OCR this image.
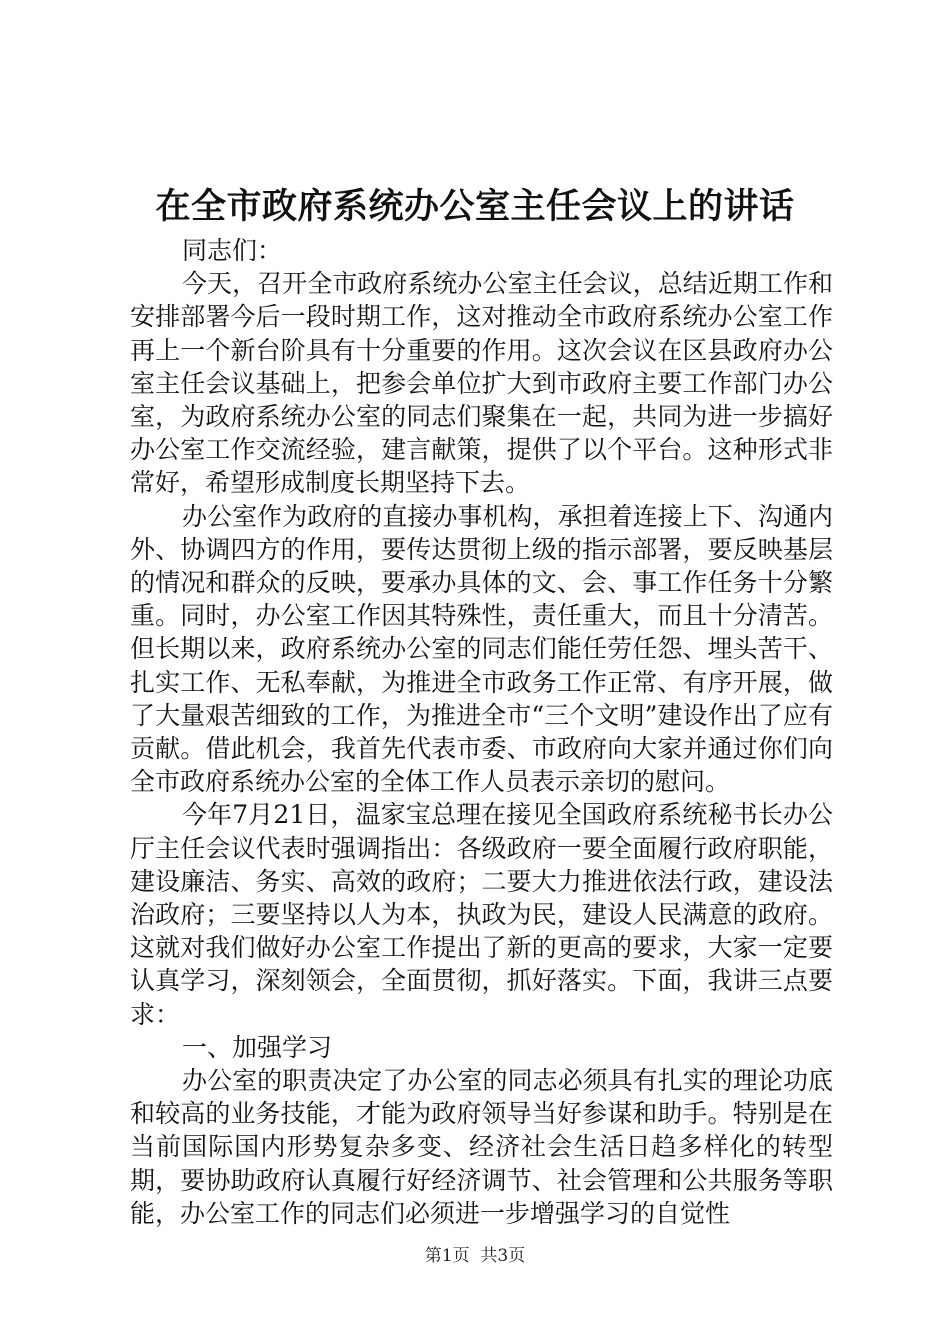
在全市政府系统办公室主任会议上的讲话

同志们：

今天，召开全市政府系统办公室主任会议，总结近期工作和安排部署今后一段时期工作，这对推动全市政府系统办公室工作再上一个新台阶具有十分重要的作用。这次会议在区县政府办公室主任会议基础上，把参会单位扩大到市政府主要工作部门办公室，为政府系统办公室的同志们聚集在一起，共同为进一步搞好办公室工作交流经验，建言献策，提供了以个平台。这种形式非常好，希望形成制度长期坚持下去。

办公室作为政府的直接办事机构，承担着连接上下、沟通内外、协调四方的作用，要传达贯彻上级的指示部署，要反映基层的情况和群众的反映，要承办具体的文、会、事工作任务十分繁重。同时，办公室工作因其特殊性，责任重大，而且十分清苦。但长期以来，政府系统办公室的同志们能任劳任怨、埋头苦干、扎实工作、无私奉献，为推进全市政务工作正常、有序开展，做了大量艰苦细致的工作，为推进全市“三个文明”建设作出了应有贡献。借此机会，我首先代表市委、市政府向大家并通过你们向全市政府系统办公室的全体工作人员表示亲切的慰问。

今年7月21日，温家宝总理在接见全国政府系统秘书长办公厅主任会议代表时强调指出：各级政府一要全面履行政府职能，建设廉洁、务实、高效的政府；二要大力推进依法行政，建设法治政府；三要坚持以人为本，执政为民，建设人民满意的政府。这就对我们做好办公室工作提出了新的更高的要求，大家一定要认真学习，深刻领会，全面贯彻，抓好落实。下面，我讲三点要求：

一、加强学习

办公室的职责决定了办公室的同志必须具有扎实的理论功底和较高的业务技能，才能为政府领导当好参谋和助手。特别是在当前国际国内形势复杂多变、经济社会生活日趋多样化的转型期，要协助政府认真履行好经济调节、社会管理和公共服务等职能，办公室工作的同志们必须进一步增强学习的自觉性

第1页 共3页
